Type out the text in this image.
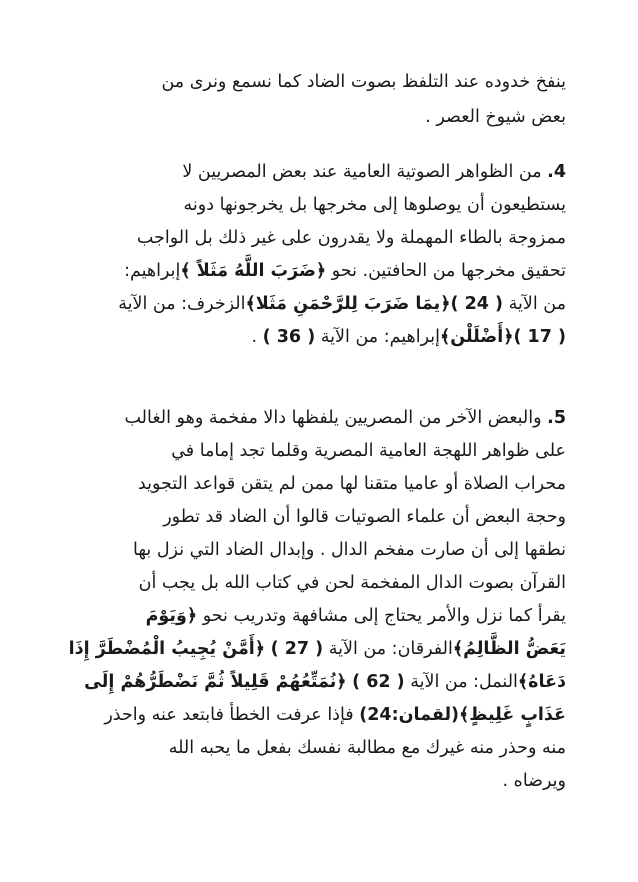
ينفخ خدوده عند التلفظ بصوت الضاد كما نسمع ونرى من
بعض شيوخ العصر .
4. من الظواهر الصوتية العامية عند بعض المصريين لا
يستطيعون أن يوصلوها إلى مخرجها بل يخرجونها دونه
ممزوجة بالطاء المهملة ولا يقدرون على غير ذلك بل الواجب
تحقيق مخرجها من الحافتين. نحو ﴿ضَرَبَ اللَّهُ مَثَلاً ﴾إبراهيم:
من الآية ( 24 )﴿يمَا ضَرَبَ لِلرَّحْمَنِ مَثَلا﴾الزخرف: من الآية
( 17 )﴿أَضْلَلْن﴾إبراهيم: من الآية ( 36 ) .
5. والبعض الآخر من المصريين يلفظها دالا مفخمة وهو الغالب
على ظواهر اللهجة العامية المصرية وقلما تجد إماما في
محراب الصلاة أو عاميا متقنا لها ممن لم يتقن قواعد التجويد
وحجة البعض أن علماء الصوتيات قالوا أن الضاد قد تطور
نطقها إلى أن صارت مفخم الدال . وإبدال الضاد التي نزل بها
القرآن بصوت الدال المفخمة لحن في كتاب الله بل يجب أن
يقرأ كما نزل والأمر يحتاج إلى مشافهة وتدريب نحو ﴿وَيَوْمَ
يَعَضُّ الظَّالِمُ﴾الفرقان: من الآية ( 27 ) ﴿أَمَّنْ يُجِيبُ الْمُضْطَرَّ إِذَا
دَعَاهُ﴾النمل: من الآية ( 62 ) ﴿نُمَتِّعُهُمْ قَلِيلاً ثُمَّ نَضْطَرُّهُمْ إِلَى
عَذَابٍ غَلِيظٍ﴾(لقمان:24) فإذا عرفت الخطأ فابتعد عنه واحذر
منه وحذر منه غيرك مع مطالبة نفسك بفعل ما يحبه الله
ويرضاه .
